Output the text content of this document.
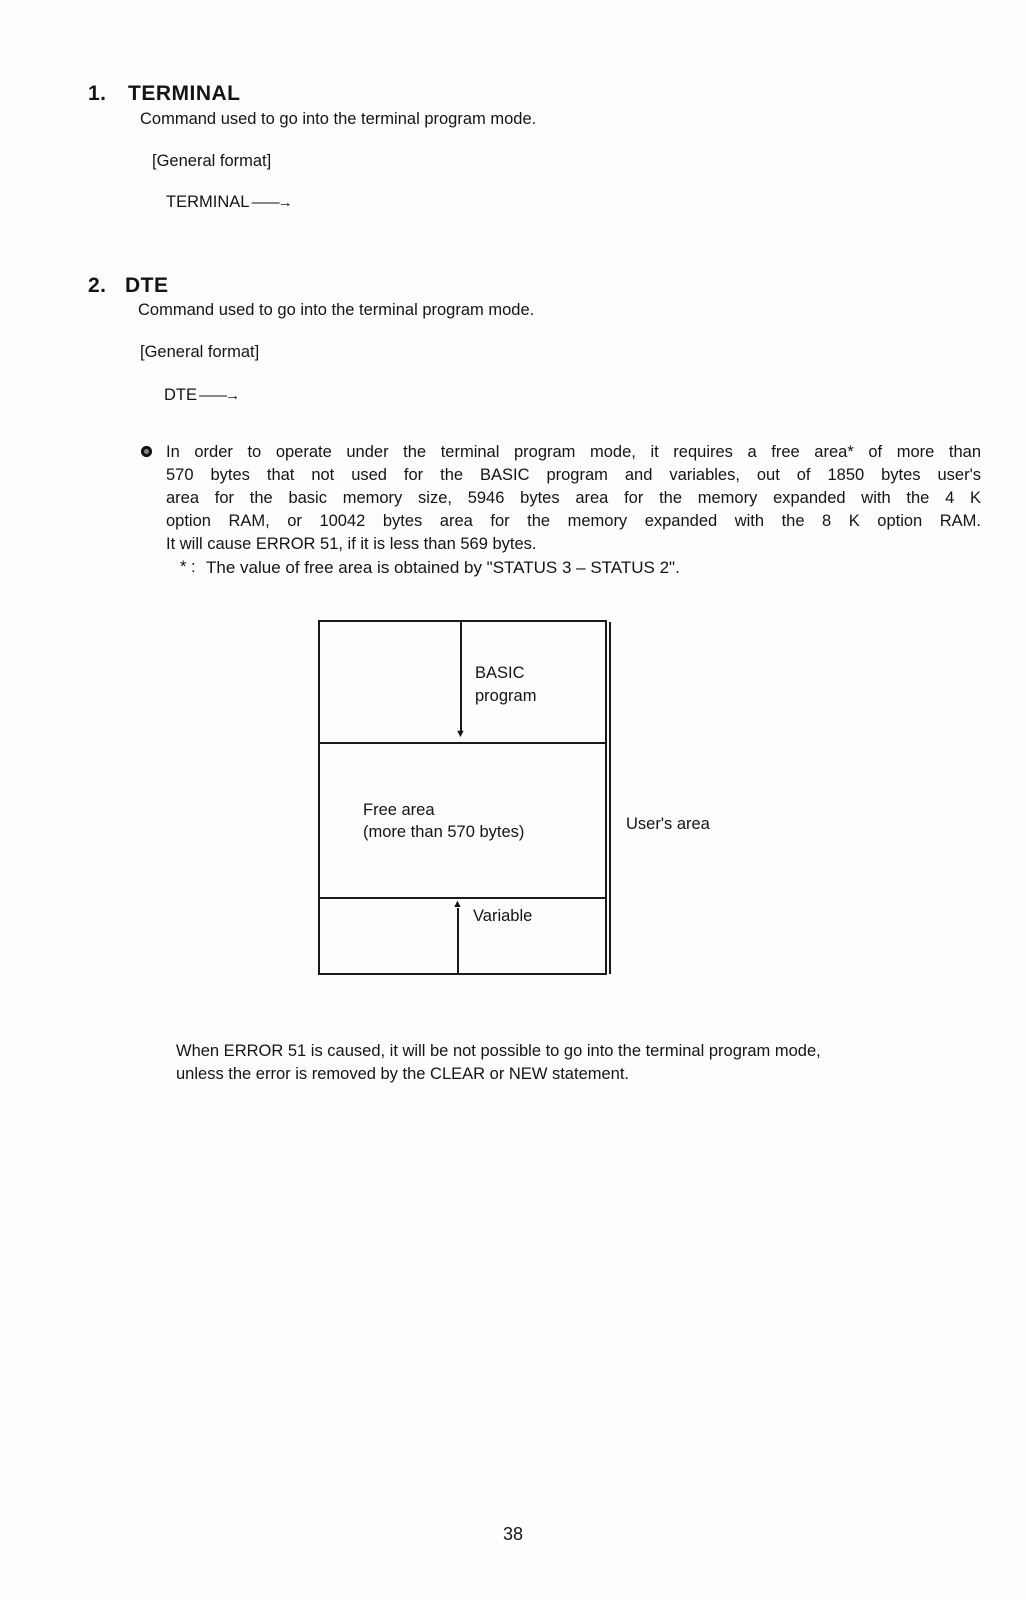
1. TERMINAL
Command used to go into the terminal program mode.
[General format]
TERMINAL ——→
2. DTE
Command used to go into the terminal program mode.
[General format]
DTE ——→
In order to operate under the terminal program mode, it requires a free area* of more than
570 bytes that not used for the BASIC program and variables, out of 1850 bytes user's
area for the basic memory size, 5946 bytes area for the memory expanded with the 4 K
option RAM, or 10042 bytes area for the memory expanded with the 8 K option RAM.
It will cause ERROR 51, if it is less than 569 bytes.
* : The value of free area is obtained by "STATUS 3 – STATUS 2".
▼
▲
BASIC
program
Free area
(more than 570 bytes)
Variable
User's area
When ERROR 51 is caused, it will be not possible to go into the terminal program mode,
unless the error is removed by the CLEAR or NEW statement.
38
